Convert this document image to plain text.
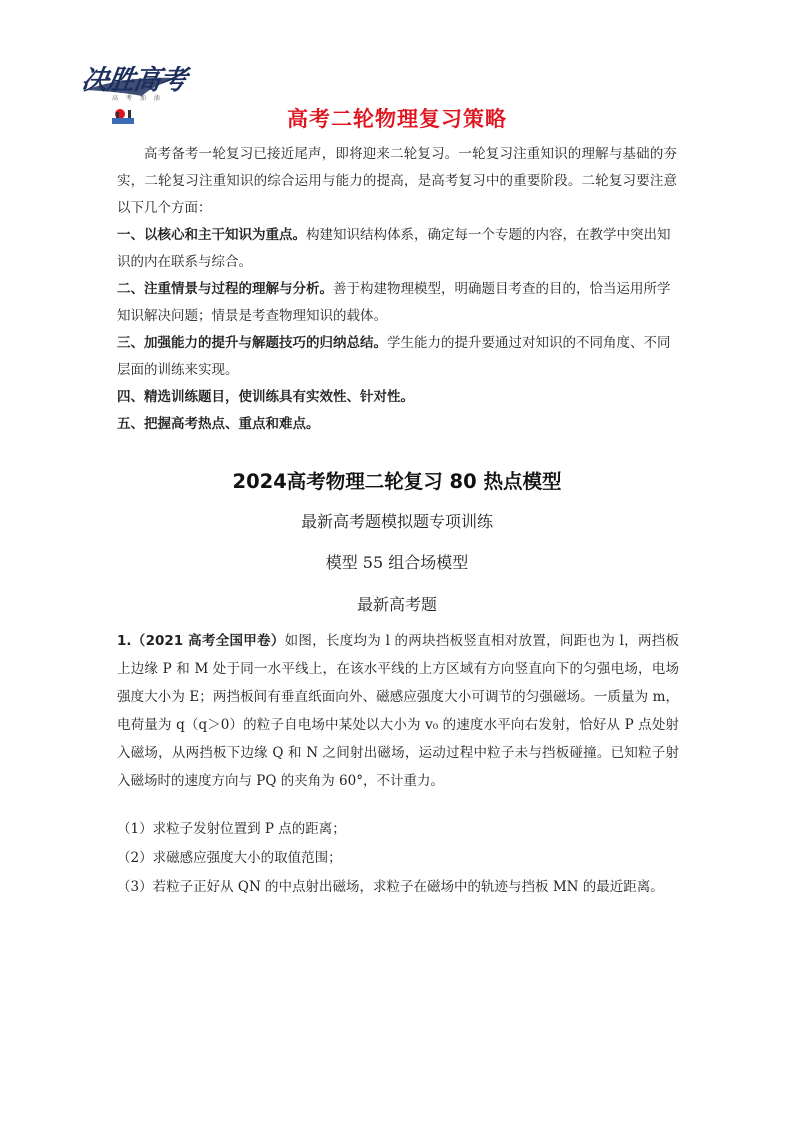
决胜高考
高 考 加 油
高考二轮物理复习策略
高考备考一轮复习已接近尾声，即将迎来二轮复习。一轮复习注重知识的理解与基础的夯实，二轮复习注重知识的综合运用与能力的提高，是高考复习中的重要阶段。二轮复习要注意以下几个方面：
一、以核心和主干知识为重点。构建知识结构体系，确定每一个专题的内容，在教学中突出知识的内在联系与综合。
二、注重情景与过程的理解与分析。善于构建物理模型，明确题目考查的目的，恰当运用所学知识解决问题；情景是考查物理知识的载体。
三、加强能力的提升与解题技巧的归纳总结。学生能力的提升要通过对知识的不同角度、不同层面的训练来实现。
四、精选训练题目，使训练具有实效性、针对性。
五、把握高考热点、重点和难点。
2024高考物理二轮复习 80 热点模型
最新高考题模拟题专项训练
模型 55 组合场模型
最新高考题
1.（2021 高考全国甲卷）如图，长度均为 l 的两块挡板竖直相对放置，间距也为 l，两挡板上边缘 P 和 M 处于同一水平线上，在该水平线的上方区域有方向竖直向下的匀强电场，电场强度大小为 E；两挡板间有垂直纸面向外、磁感应强度大小可调节的匀强磁场。一质量为 m，电荷量为 q（q＞0）的粒子自电场中某处以大小为 v₀ 的速度水平向右发射，恰好从 P 点处射入磁场，从两挡板下边缘 Q 和 N 之间射出磁场，运动过程中粒子未与挡板碰撞。已知粒子射入磁场时的速度方向与 PQ 的夹角为 60°，不计重力。
（1）求粒子发射位置到 P 点的距离；
（2）求磁感应强度大小的取值范围；
（3）若粒子正好从 QN 的中点射出磁场，求粒子在磁场中的轨迹与挡板 MN 的最近距离。
